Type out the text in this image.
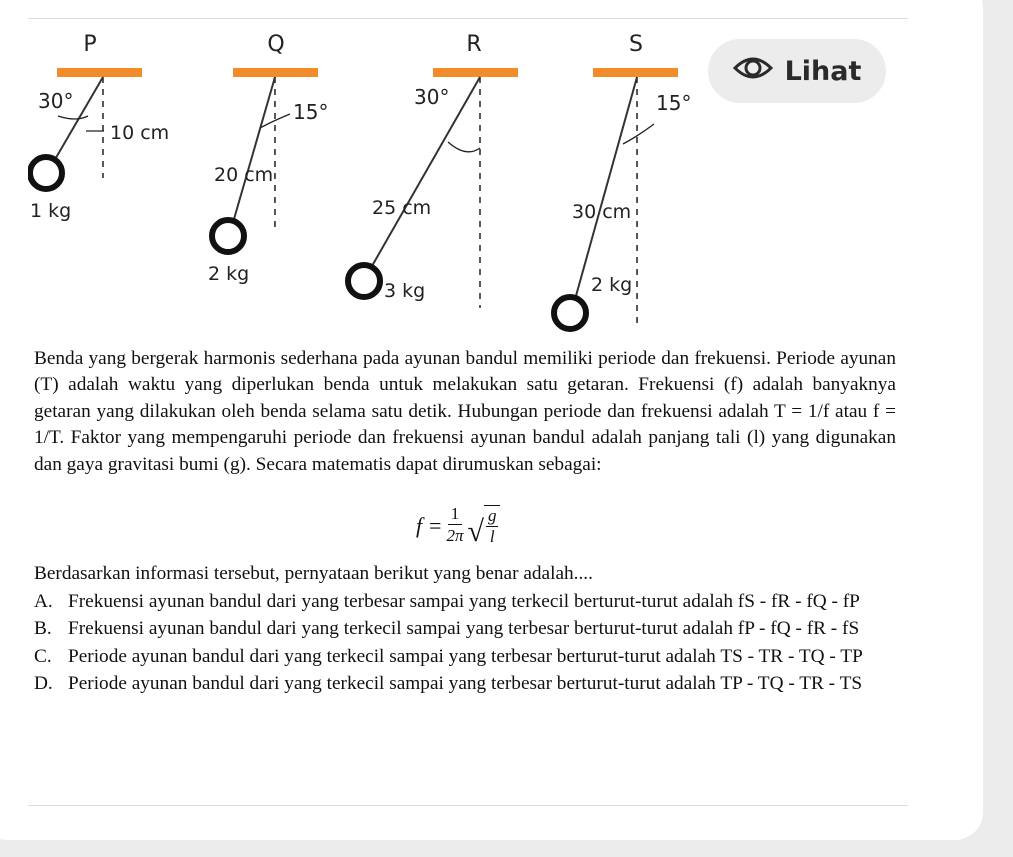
P
30°
10 cm
1 kg
Q
15°
20 cm
2 kg
R
30°
25 cm
3 kg
S
15°
30 cm
2 kg
Lihat

Benda yang bergerak harmonis sederhana pada ayunan bandul memiliki periode dan frekuensi. Periode ayunan (T) adalah waktu yang diperlukan benda untuk melakukan satu getaran. Frekuensi (f) adalah banyaknya getaran yang dilakukan oleh benda selama satu detik. Hubungan periode dan frekuensi adalah T = 1/f atau f = 1/T. Faktor yang mempengaruhi periode dan frekuensi ayunan bandul adalah panjang tali (l) yang digunakan dan gaya gravitasi bumi (g). Secara matematis dapat dirumuskan sebagai:

$f = \frac{1}{2\pi}$ √ $\frac{g}{l}$
Berdasarkan informasi tersebut, pernyataan berikut yang benar adalah....
A. Frekuensi ayunan bandul dari yang terbesar sampai yang terkecil berturut-turut adalah fS - fR - fQ - fP
B. Frekuensi ayunan bandul dari yang terkecil sampai yang terbesar berturut-turut adalah fP - fQ - fR - fS
C. Periode ayunan bandul dari yang terkecil sampai yang terbesar berturut-turut adalah TS - TR - TQ - TP
D. Periode ayunan bandul dari yang terkecil sampai yang terbesar berturut-turut adalah TP - TQ - TR - TS
